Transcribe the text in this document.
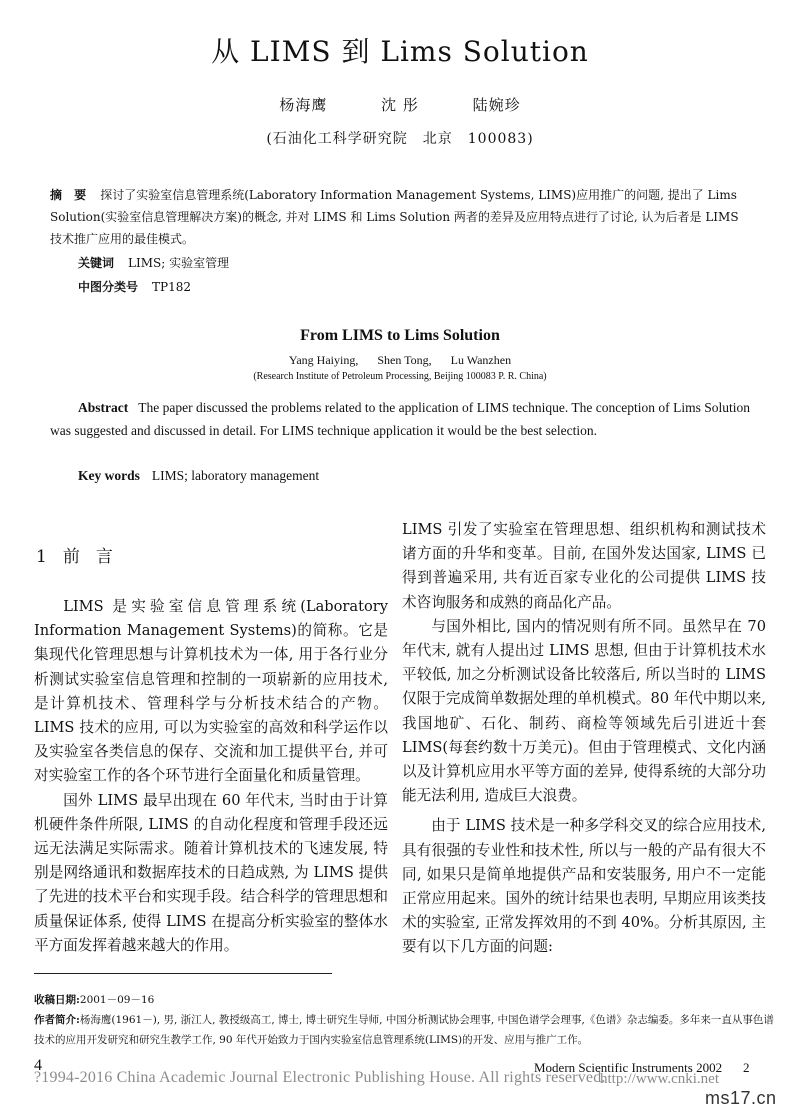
从 LIMS 到 Lims Solution
杨海鹰	沈 彤	陆婉珍
(石油化工科学研究院　北京　100083)
摘 要 探讨了实验室信息管理系统(Laboratory Information Management Systems, LIMS)应用推广的问题, 提出了 Lims Solution(实验室信息管理解决方案)的概念, 并对 LIMS 和 Lims Solution 两者的差异及应用特点进行了讨论, 认为后者是 LIMS 技术推广应用的最佳模式。
关键词 LIMS; 实验室管理
中图分类号 TP182
From LIMS to Lims Solution
Yang Haiying, Shen Tong, Lu Wanzhen
(Research Institute of Petroleum Processing, Beijing 100083 P. R. China)
Abstract The paper discussed the problems related to the application of LIMS technique. The conception of Lims Solution was suggested and discussed in detail. For LIMS technique application it would be the best selection.
Key words LIMS; laboratory management
1 前 言

LIMS 是实验室信息管理系统(Laboratory Information Management Systems)的简称。它是集现代化管理思想与计算机技术为一体, 用于各行业分析测试实验室信息管理和控制的一项崭新的应用技术, 是计算机技术、管理科学与分析技术结合的产物。LIMS 技术的应用, 可以为实验室的高效和科学运作以及实验室各类信息的保存、交流和加工提供平台, 并可对实验室工作的各个环节进行全面量化和质量管理。

国外 LIMS 最早出现在 60 年代末, 当时由于计算机硬件条件所限, LIMS 的自动化程度和管理手段还远远无法满足实际需求。随着计算机技术的飞速发展, 特别是网络通讯和数据库技术的日趋成熟, 为 LIMS 提供了先进的技术平台和实现手段。结合科学的管理思想和质量保证体系, 使得 LIMS 在提高分析实验室的整体水平方面发挥着越来越大的作用。

LIMS 引发了实验室在管理思想、组织机构和测试技术诸方面的升华和变革。目前, 在国外发达国家, LIMS 已得到普遍采用, 共有近百家专业化的公司提供 LIMS 技术咨询服务和成熟的商品化产品。

与国外相比, 国内的情况则有所不同。虽然早在 70 年代末, 就有人提出过 LIMS 思想, 但由于计算机技术水平较低, 加之分析测试设备比较落后, 所以当时的 LIMS 仅限于完成简单数据处理的单机模式。80 年代中期以来, 我国地矿、石化、制药、商检等领域先后引进近十套 LIMS(每套约数十万美元)。但由于管理模式、文化内涵以及计算机应用水平等方面的差异, 使得系统的大部分功能无法利用, 造成巨大浪费。

由于 LIMS 技术是一种多学科交叉的综合应用技术, 具有很强的专业性和技术性, 所以与一般的产品有很大不同, 如果只是简单地提供产品和安装服务, 用户不一定能正常应用起来。国外的统计结果也表明, 早期应用该类技术的实验室, 正常发挥效用的不到 40%。分析其原因, 主要有以下几方面的问题:

收稿日期:2001－09－16
作者简介:杨海鹰(1961－), 男, 浙江人, 教授级高工, 博士, 博士研究生导师, 中国分析测试协会理事, 中国色谱学会理事,《色谱》杂志编委。多年来一直从事色谱技术的应用开发研究和研究生教学工作, 90 年代开始致力于国内实验室信息管理系统(LIMS)的开发、应用与推广工作。
4	Modern Scientific Instruments 2002 2
?1994-2016 China Academic Journal Electronic Publishing House. All rights reserved.
http://www.cnki.net
ms17.cn
